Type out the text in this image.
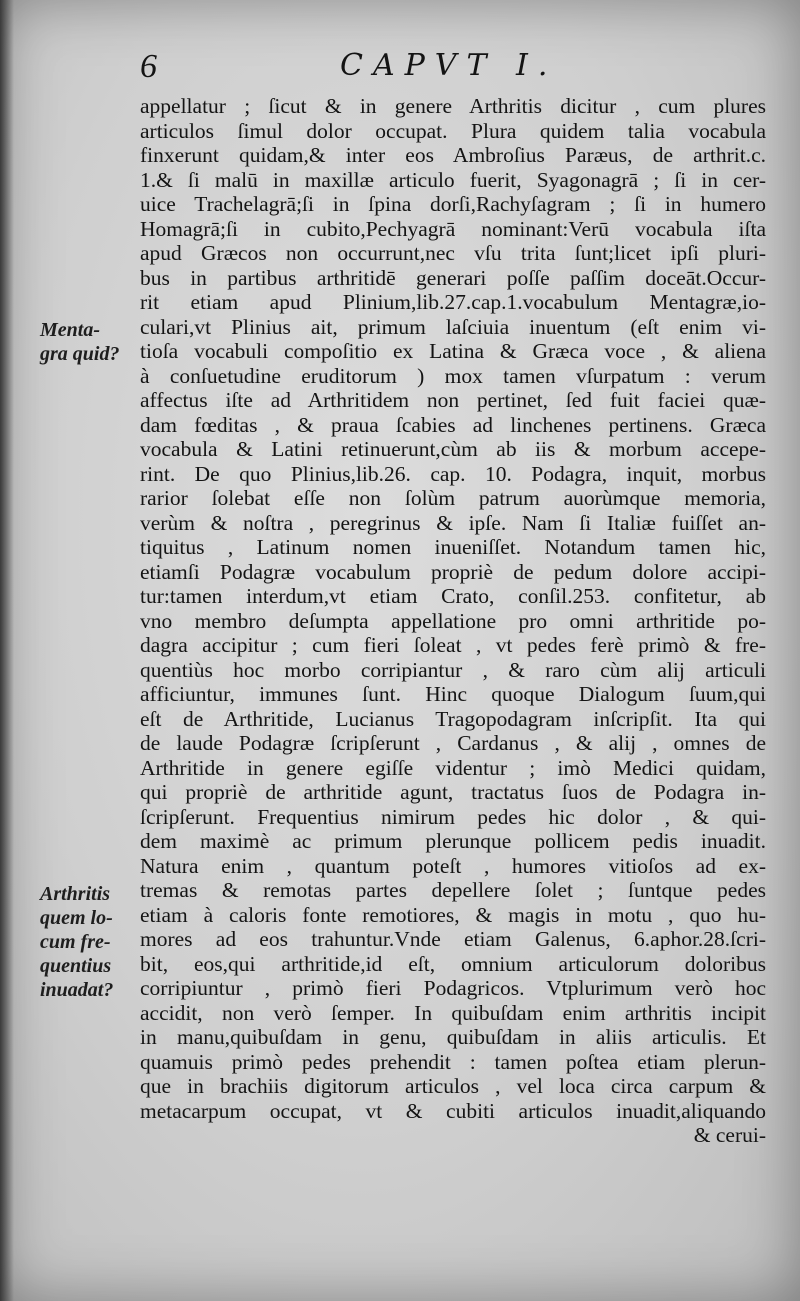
6	CAPVT I.
Menta-
gra quid?
Arthritis
quem lo-
cum fre-
quentius
inuadat?
appellatur ; ſicut & in genere Arthritis dicitur , cum plures
articulos ſimul dolor occupat. Plura quidem talia vocabula
finxerunt quidam,& inter eos Ambroſius Paræus, de arthrit.c.
1.& ſi malū in maxillæ articulo fuerit, Syagonagrā ; ſi in cer-
uice Trachelagrā;ſi in ſpina dorſi,Rachyſagram ; ſi in humero
Homagrā;ſi in cubito,Pechyagrā nominant:Verū vocabula iſta
apud Græcos non occurrunt,nec vſu trita ſunt;licet ipſi pluri-
bus in partibus arthritidē generari poſſe paſſim doceāt.Occur-
rit etiam apud Plinium,lib.27.cap.1.vocabulum Mentagræ,io-
culari,vt Plinius ait, primum laſciuia inuentum (eſt enim vi-
tioſa vocabuli compoſitio ex Latina & Græca voce , & aliena
à conſuetudine eruditorum ) mox tamen vſurpatum : verum
affectus iſte ad Arthritidem non pertinet, ſed fuit faciei quæ-
dam fœditas , & praua ſcabies ad linchenes pertinens. Græca
vocabula & Latini retinuerunt,cùm ab iis & morbum accepe-
rint. De quo Plinius,lib.26. cap. 10. Podagra, inquit, morbus
rarior ſolebat eſſe non ſolùm patrum auorùmque memoria,
verùm & noſtra , peregrinus & ipſe. Nam ſi Italiæ fuiſſet an-
tiquitus , Latinum nomen inueniſſet. Notandum tamen hic,
etiamſi Podagræ vocabulum propriè de pedum dolore accipi-
tur:tamen interdum,vt etiam Crato, conſil.253. confitetur, ab
vno membro deſumpta appellatione pro omni arthritide po-
dagra accipitur ; cum fieri ſoleat , vt pedes ferè primò & fre-
quentiùs hoc morbo corripiantur , & raro cùm alij articuli
afficiuntur, immunes ſunt. Hinc quoque Dialogum ſuum,qui
eſt de Arthritide, Lucianus Tragopodagram inſcripſit. Ita qui
de laude Podagræ ſcripſerunt , Cardanus , & alij , omnes de
Arthritide in genere egiſſe videntur ; imò Medici quidam,
qui propriè de arthritide agunt, tractatus ſuos de Podagra in-
ſcripſerunt. Frequentius nimirum pedes hic dolor , & qui-
dem maximè ac primum plerunque pollicem pedis inuadit.
Natura enim , quantum poteſt , humores vitioſos ad ex-
tremas & remotas partes depellere ſolet ; ſuntque pedes
etiam à caloris fonte remotiores, & magis in motu , quo hu-
mores ad eos trahuntur.Vnde etiam Galenus, 6.aphor.28.ſcri-
bit, eos,qui arthritide,id eſt, omnium articulorum doloribus
corripiuntur , primò fieri Podagricos. Vtplurimum verò hoc
accidit, non verò ſemper. In quibuſdam enim arthritis incipit
in manu,quibuſdam in genu, quibuſdam in aliis articulis. Et
quamuis primò pedes prehendit : tamen poſtea etiam plerun-
que in brachiis digitorum articulos , vel loca circa carpum &
metacarpum occupat, vt & cubiti articulos inuadit,aliquando
& cerui-
